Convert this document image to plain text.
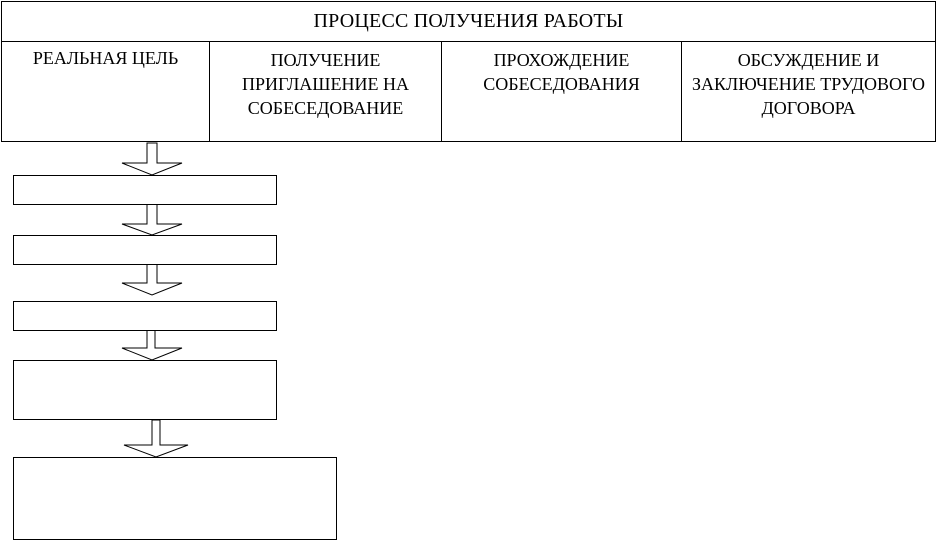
ПРОЦЕСС ПОЛУЧЕНИЯ РАБОТЫ
РЕАЛЬНАЯ ЦЕЛЬ	ПОЛУЧЕНИЕ ПРИГЛАШЕНИЕ НА СОБЕСЕДОВАНИЕ
ПРОХОЖДЕНИЕ СОБЕСЕДОВАНИЯ
ОБСУЖДЕНИЕ И ЗАКЛЮЧЕНИЕ ТРУДОВОГО ДОГОВОРА
